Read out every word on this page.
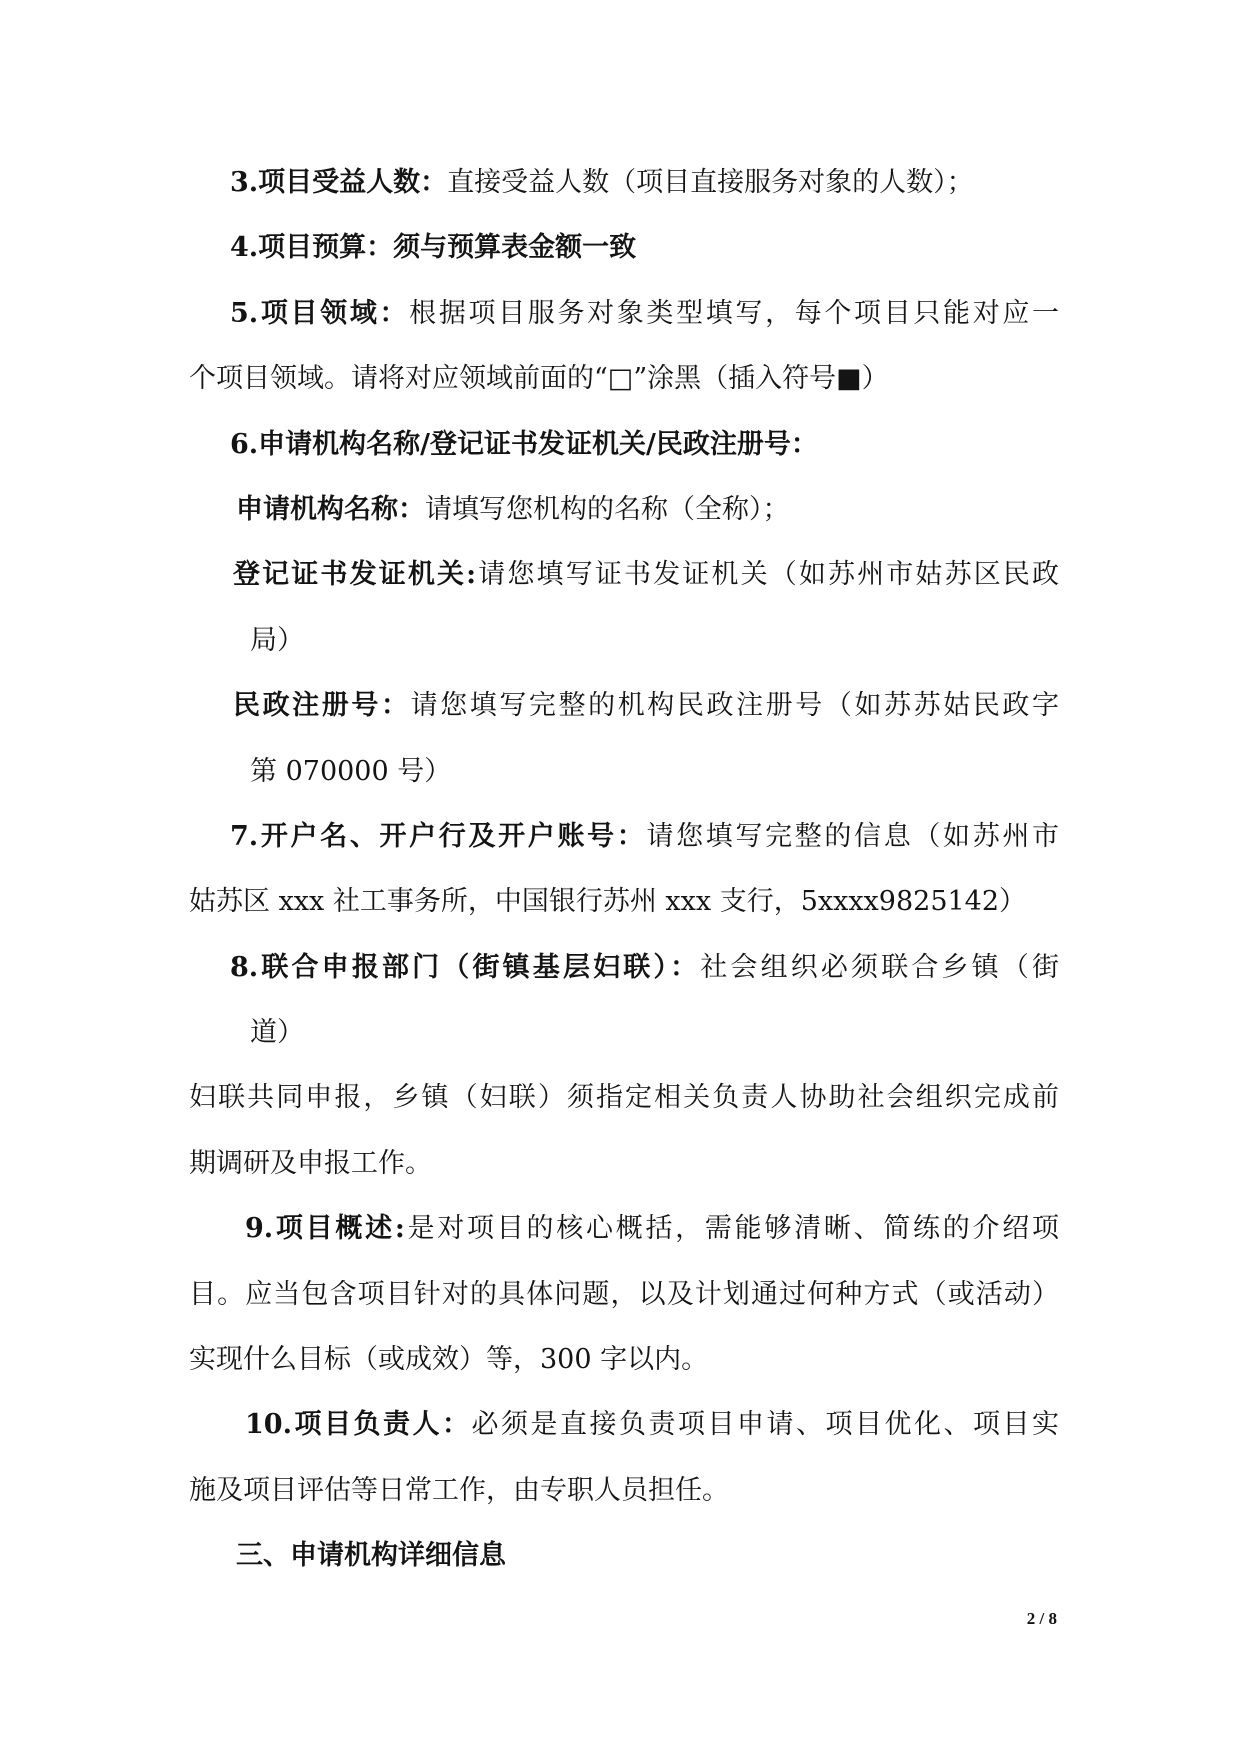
3.项目受益人数：直接受益人数（项目直接服务对象的人数）；
4.项目预算：须与预算表金额一致
5.项目领域：根据项目服务对象类型填写，每个项目只能对应一
个项目领域。请将对应领域前面的“□”涂黑（插入符号■）
6.申请机构名称/登记证书发证机关/民政注册号：
申请机构名称：请填写您机构的名称（全称）；
登记证书发证机关:请您填写证书发证机关（如苏州市姑苏区民政
局）
民政注册号：请您填写完整的机构民政注册号（如苏苏姑民政字
第 070000 号）
7.开户名、开户行及开户账号：请您填写完整的信息（如苏州市
姑苏区 xxx 社工事务所，中国银行苏州 xxx 支行，5xxxx9825142）
8.联合申报部门（街镇基层妇联）：社会组织必须联合乡镇（街
道）
妇联共同申报，乡镇（妇联）须指定相关负责人协助社会组织完成前
期调研及申报工作。
9.项目概述:是对项目的核心概括，需能够清晰、简练的介绍项
目。应当包含项目针对的具体问题，以及计划通过何种方式（或活动）
实现什么目标（或成效）等，300 字以内。
10.项目负责人：必须是直接负责项目申请、项目优化、项目实
施及项目评估等日常工作，由专职人员担任。
三、申请机构详细信息
2 / 8
